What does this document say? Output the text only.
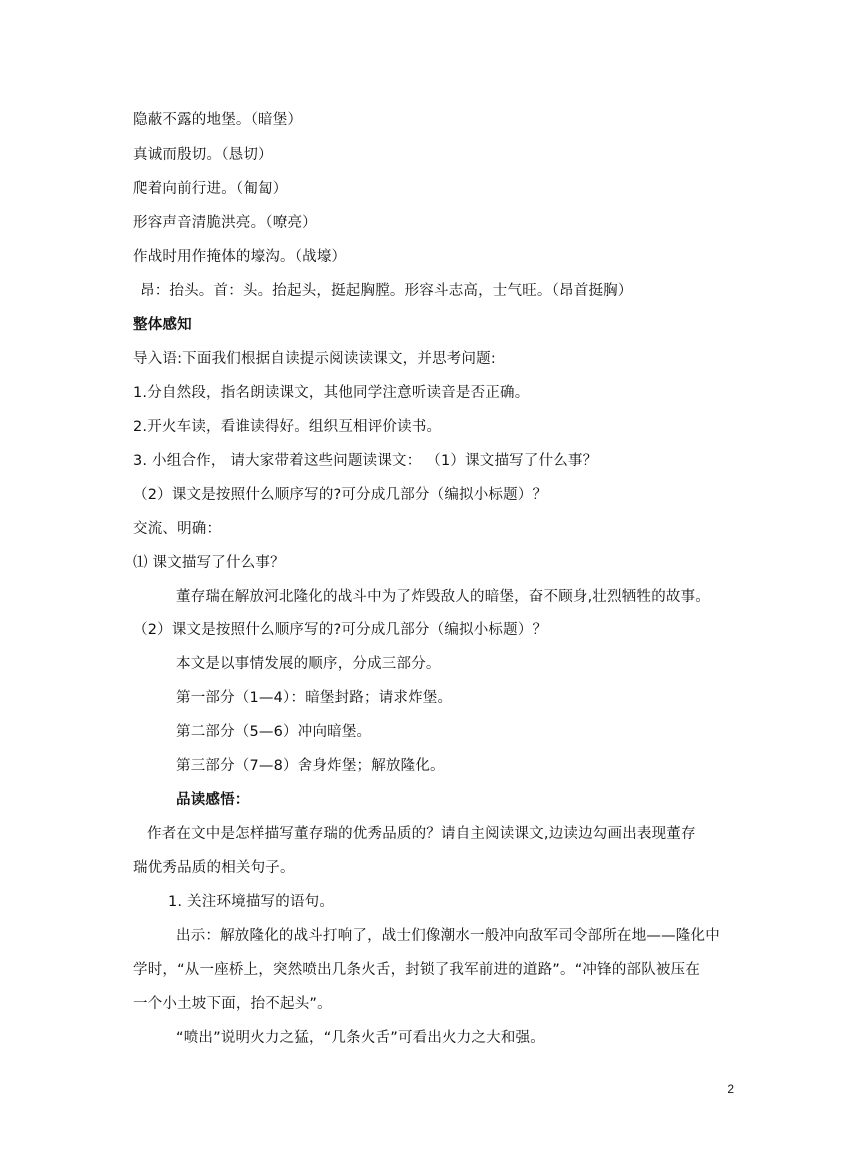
隐蔽不露的地堡。（暗堡）
真诚而殷切。（恳切）
爬着向前行进。（匍匐）
形容声音清脆洪亮。（嘹亮）
作战时用作掩体的壕沟。（战壕）
昂：抬头。首：头。抬起头，挺起胸膛。形容斗志高，士气旺。（昂首挺胸）
整体感知
导入语:下面我们根据自读提示阅读读课文，并思考问题:
1.分自然段，指名朗读课文，其他同学注意听读音是否正确。
2.开火车读，看谁读得好。组织互相评价读书。
3. 小组合作， 请大家带着这些问题读课文： （1）课文描写了什么事？
（2）课文是按照什么顺序写的?可分成几部分（编拟小标题）？
交流、明确：
⑴ 课文描写了什么事？
董存瑞在解放河北隆化的战斗中为了炸毁敌人的暗堡，奋不顾身,壮烈牺牲的故事。
（2）课文是按照什么顺序写的?可分成几部分（编拟小标题）？
本文是以事情发展的顺序，分成三部分。
第一部分（1—4）：暗堡封路；请求炸堡。
第二部分（5—6）冲向暗堡。
第三部分（7—8）舍身炸堡；解放隆化。
品读感悟：
作者在文中是怎样描写董存瑞的优秀品质的？请自主阅读课文,边读边勾画出表现董存
瑞优秀品质的相关句子。
1. 关注环境描写的语句。
出示：解放隆化的战斗打响了，战士们像潮水一般冲向敌军司令部所在地——隆化中
学时，“从一座桥上，突然喷出几条火舌，封锁了我军前进的道路”。“冲锋的部队被压在
一个小土坡下面，抬不起头”。
“喷出”说明火力之猛，“几条火舌”可看出火力之大和强。
2
